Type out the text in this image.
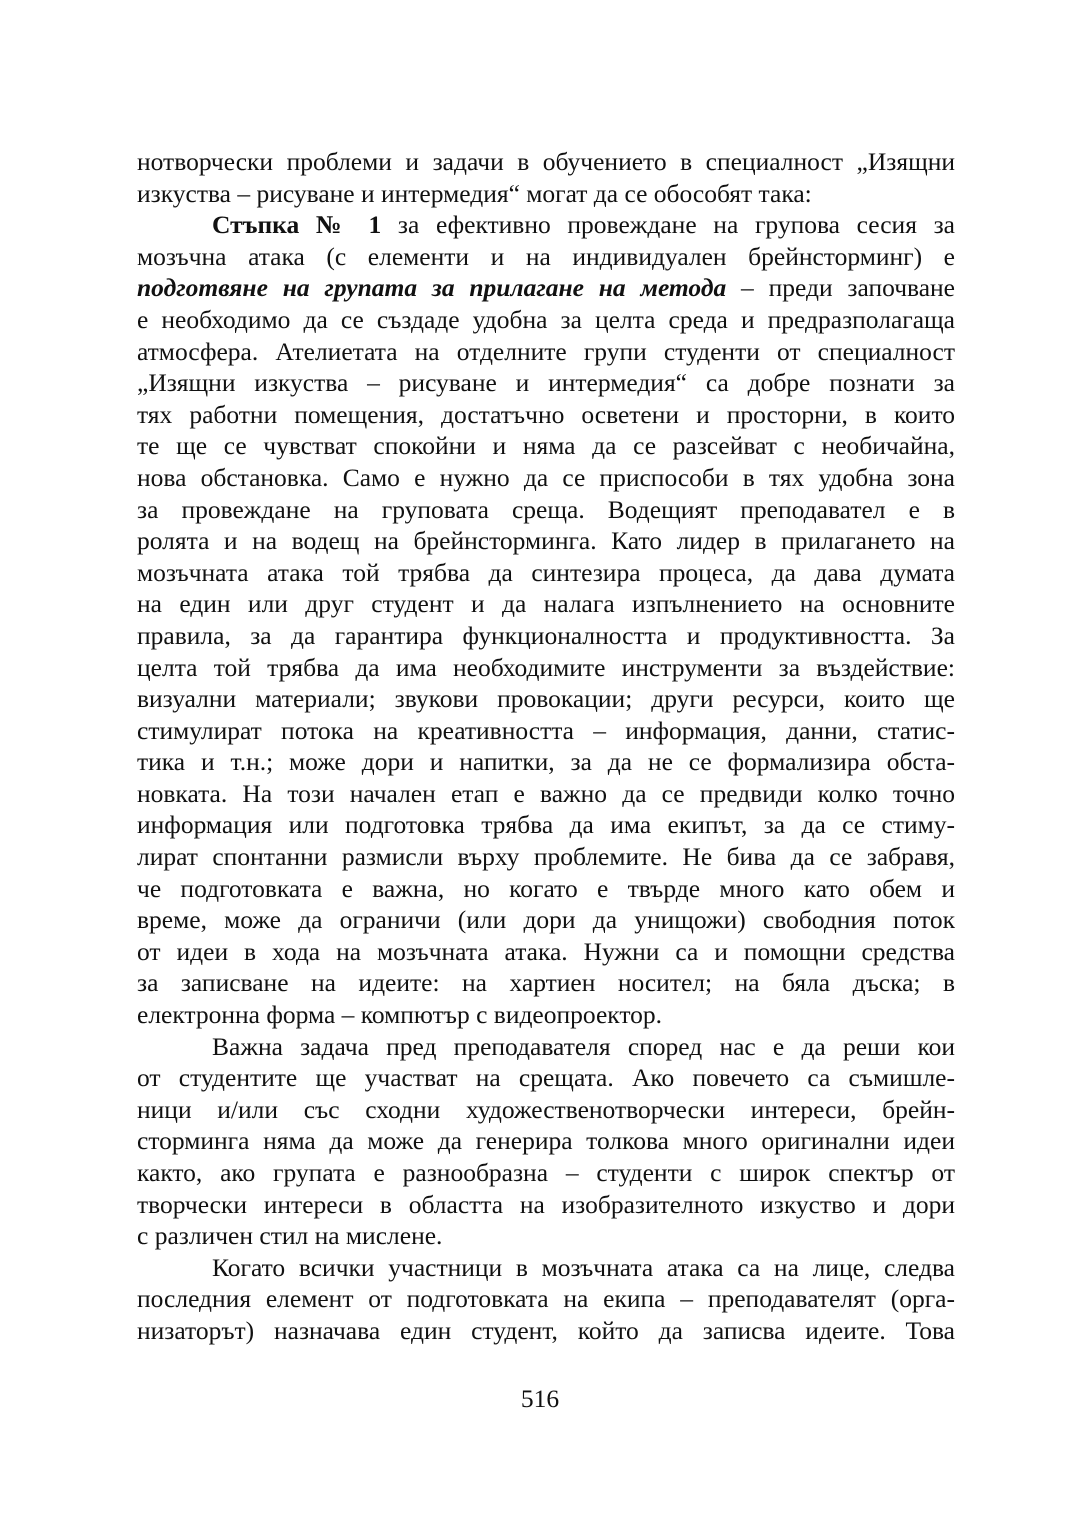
нотворчески проблеми и задачи в обучението в специалност „Изящни
изкуства – рисуване и интермедия“ могат да се обособят така:
Стъпка № 1 за ефективно провеждане на групова сесия за
мозъчна атака (с елементи и на индивидуален брейнсторминг) е
подготвяне на групата за прилагане на метода – преди започване
е необходимо да се създаде удобна за целта среда и предразполагаща
атмосфера. Ателиетата на отделните групи студенти от специалност
„Изящни изкуства – рисуване и интермедия“ са добре познати за
тях работни помещения, достатъчно осветени и просторни, в които
те ще се чувстват спокойни и няма да се разсейват с необичайна,
нова обстановка. Само е нужно да се приспособи в тях удобна зона
за провеждане на груповата среща. Водещият преподавател е в
ролята и на водещ на брейнсторминга. Като лидер в прилагането на
мозъчната атака той трябва да синтезира процеса, да дава думата
на един или друг студент и да налага изпълнението на основните
правила, за да гарантира функционалността и продуктивността. За
целта той трябва да има необходимите инструменти за въздействие:
визуални материали; звукови провокации; други ресурси, които ще
стимулират потока на креативността – информация, данни, статис-
тика и т.н.; може дори и напитки, за да не се формализира обста-
новката. На този начален етап е важно да се предвиди колко точно
информация или подготовка трябва да има екипът, за да се стиму-
лират спонтанни размисли върху проблемите. Не бива да се забравя,
че подготовката е важна, но когато е твърде много като обем и
време, може да ограничи (или дори да унищожи) свободния поток
от идеи в хода на мозъчната атака. Нужни са и помощни средства
за записване на идеите: на хартиен носител; на бяла дъска; в
електронна форма – компютър с видеопроектор.
Важна задача пред преподавателя според нас е да реши кои
от студентите ще участват на срещата. Ако повечето са съмишле-
ници и/или със сходни художественотворчески интереси, брейн-
сторминга няма да може да генерира толкова много оригинални идеи
както, ако групата е разнообразна – студенти с широк спектър от
творчески интереси в областта на изобразителното изкуство и дори
с различен стил на мислене.
Когато всички участници в мозъчната атака са на лице, следва
последния елемент от подготовката на екипа – преподавателят (орга-
низаторът) назначава един студент, който да записва идеите. Това
516
